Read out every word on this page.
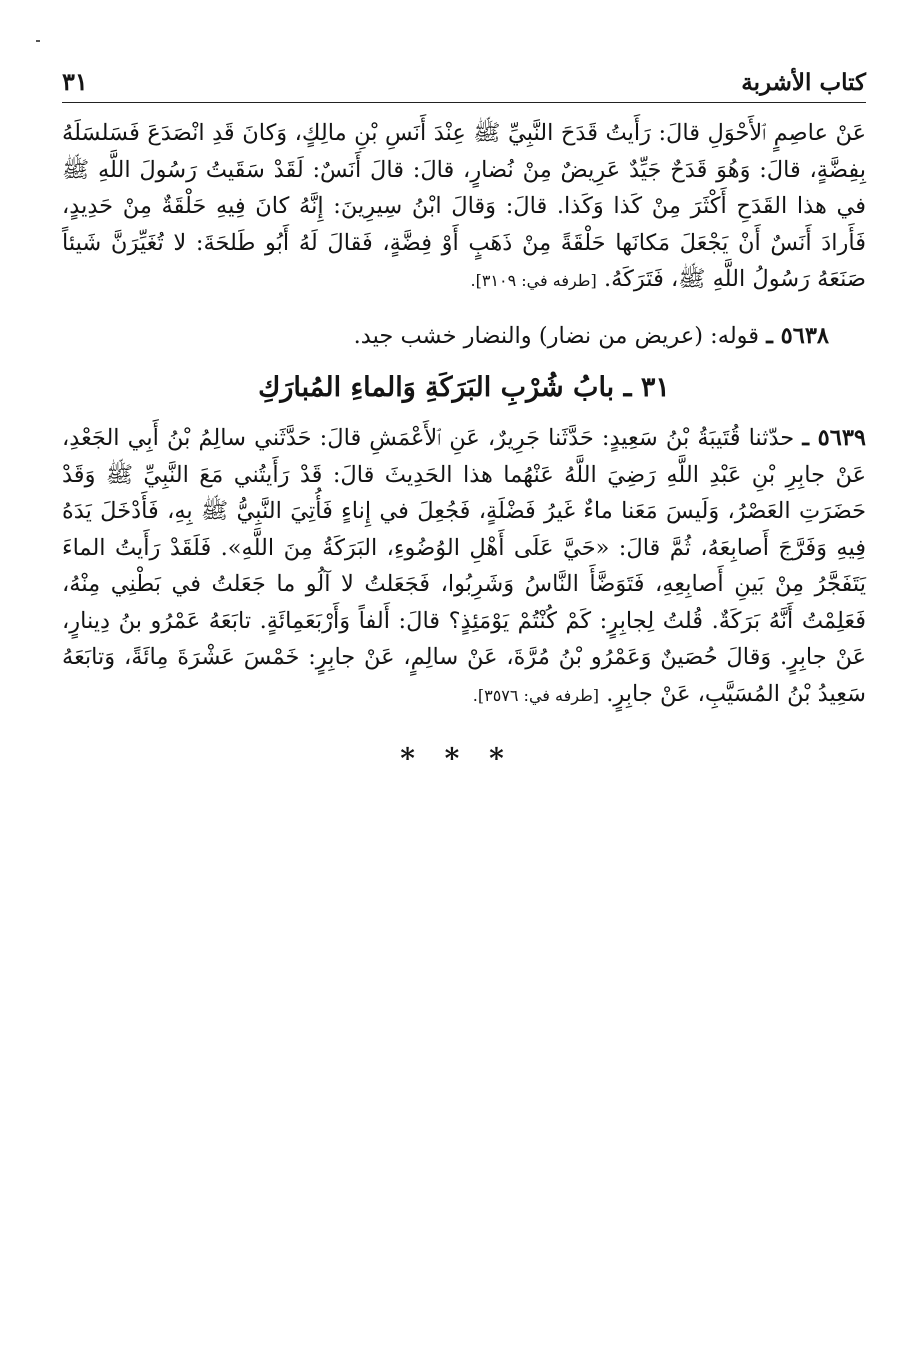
كتاب الأشربة
٣١
عَنْ عاصِمٍ ٱلأَحْوَلِ قالَ: رَأَيتُ قَدَحَ النَّبِيِّ ﷺ عِنْدَ أَنَسِ بْنِ مالِكٍ، وَكانَ قَدِ انْصَدَعَ فَسَلسَلَهُ بِفِضَّةٍ، قالَ: وَهُوَ قَدَحٌ جَيِّدٌ عَرِيضٌ مِنْ نُضارٍ، قالَ: قالَ أَنَسٌ: لَقَدْ سَقَيتُ رَسُولَ اللَّهِ ﷺ في هذا القَدَحِ أَكْثَرَ مِنْ كَذا وَكَذا. قالَ: وَقالَ ابْنُ سِيرِينَ: إِنَّهُ كانَ فِيهِ حَلْقَةٌ مِنْ حَدِيدٍ، فَأَرادَ أَنَسٌ أَنْ يَجْعَلَ مَكانَها حَلْقَةً مِنْ ذَهَبٍ أَوْ فِضَّةٍ، فَقالَ لَهُ أَبُو طَلحَةَ: لا تُغَيِّرَنَّ شَيئاً صَنَعَهُ رَسُولُ اللَّهِ ﷺ، فَتَرَكَهُ. [طرفه في: ٣١٠٩].
٥٦٣٨ ـ قوله: (عريض من نضار) والنضار خشب جيد.
٣١ ـ بابُ شُرْبِ البَرَكَةِ وَالماءِ المُبارَكِ
٥٦٣٩ ـ حدّثنا قُتَيبَةُ بْنُ سَعِيدٍ: حَدَّثَنا جَرِيرٌ، عَنِ ٱلأَعْمَشِ قالَ: حَدَّثَني سالِمُ بْنُ أَبِي الجَعْدِ، عَنْ جابِرِ بْنِ عَبْدِ اللَّهِ رَضِيَ اللَّهُ عَنْهُما هذا الحَدِيثَ قالَ: قَدْ رَأَيتُني مَعَ النَّبِيِّ ﷺ وَقَدْ حَضَرَتِ العَصْرُ، وَلَيسَ مَعَنا ماءٌ غَيرُ فَضْلَةٍ، فَجُعِلَ في إِناءٍ فَأُتِيَ النَّبِيُّ ﷺ بِهِ، فَأَدْخَلَ يَدَهُ فِيهِ وَفَرَّجَ أَصابِعَهُ، ثُمَّ قالَ: «حَيَّ عَلَى أَهْلِ الوُضُوءِ، البَرَكَةُ مِنَ اللَّهِ». فَلَقَدْ رَأَيتُ الماءَ يَتَفَجَّرُ مِنْ بَينِ أَصابِعِهِ، فَتَوَضَّأَ النَّاسُ وَشَرِبُوا، فَجَعَلتُ لا آلُو ما جَعَلتُ في بَطْنِي مِنْهُ، فَعَلِمْتُ أَنَّهُ بَرَكَةٌ. قُلتُ لِجابِرٍ: كَمْ كُنْتُمْ يَوْمَئِذٍ؟ قالَ: أَلفاً وَأَرْبَعَمِائَةٍ. تابَعَهُ عَمْرُو بنُ دِينارٍ، عَنْ جابِرٍ. وَقالَ حُصَينٌ وَعَمْرُو بْنُ مُرَّةَ، عَنْ سالِمٍ، عَنْ جابِرٍ: خَمْسَ عَشْرَةَ مِائَةً، وَتابَعَهُ سَعِيدُ بْنُ المُسَيَّبِ، عَنْ جابِرٍ. [طرفه في: ٣٥٧٦].
* * *
